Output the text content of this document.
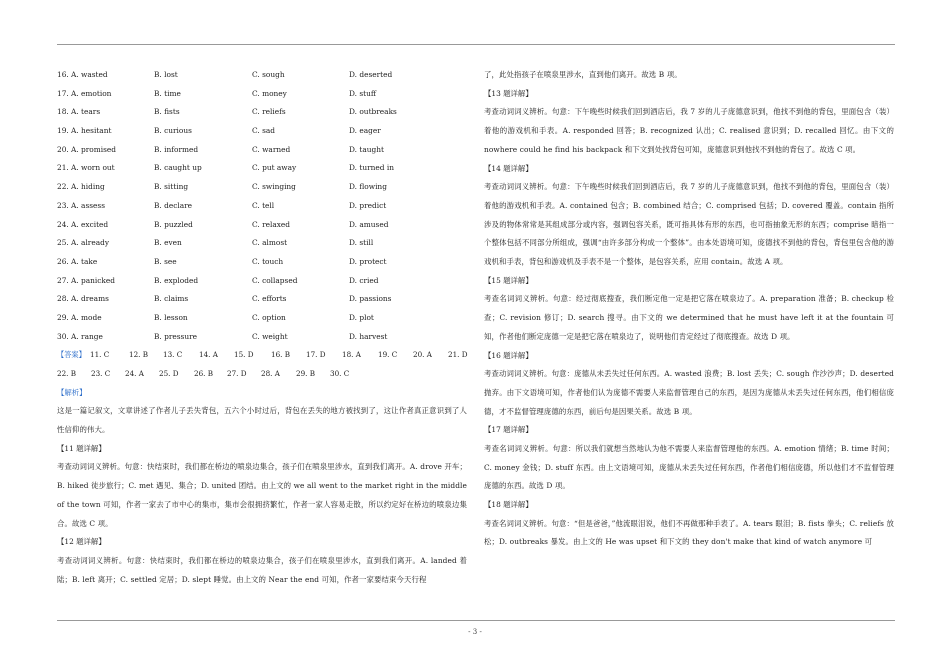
16. A. wasted	B. lost	C. sough	D. deserted
17. A. emotion	B. time	C. money	D. stuff
18. A. tears	B. fists	C. reliefs	D. outbreaks
19. A. hesitant	B. curious	C. sad	D. eager
20. A. promised	B. informed	C. warned	D. taught
21. A. worn out	B. caught up	C. put away	D. turned in
22. A. hiding	B. sitting	C. swinging	D. flowing
23. A. assess	B. declare	C. tell	D. predict
24. A. excited	B. puzzled	C. relaxed	D. amused
25. A. already	B. even	C. almost	D. still
26. A. take	B. see	C. touch	D. protect
27. A. panicked	B. exploded	C. collapsed	D. cried
28. A. dreams	B. claims	C. efforts	D. passions
29. A. mode	B. lesson	C. option	D. plot
30. A. range	B. pressure	C. weight	D. harvest
【答案】 11. C	12. B 13. C 14. A 15. D 16. B 17. D 18. A 19. C 20. A 21. D
22. B 23. C 24. A 25. D 26. B 27. D 28. A 29. B 30. C
【解析】

这是一篇记叙文，文章讲述了作者儿子丢失背包，五六个小时过后，背包在丢失的地方被找到了，这让作者真正意识到了人性信仰的伟大。

【11 题详解】
考查动词词义辨析。句意：快结束时，我们都在桥边的喷泉边集合，孩子们在喷泉里涉水，直到我们离开。A. drove 开车；B. hiked 徒步旅行；C. met 遇见、集合；D. united 团结。由上文的 we all went to the market right in the middle of the town 可知，作者一家去了市中心的集市，集市会很拥挤繁忙，作者一家人容易走散，所以约定好在桥边的喷泉边集合。故选 C 项。
【12 题详解】
考查动词词义辨析。句意：快结束时，我们都在桥边的喷泉边集合，孩子们在喷泉里涉水，直到我们离开。A. landed 着陆；B. left 离开；C. settled 定居；D. slept 睡觉。由上文的 Near the end 可知，作者一家要结束今天行程

了，此处指孩子在喷泉里涉水，直到他们离开。故选 B 项。

【13 题详解】
考查动词词义辨析。句意：下午晚些时候我们回到酒店后，我 7 岁的儿子庞德意识到，他找不到他的背包，里面包含（装）着他的游戏机和手表。A. responded 回答；B. recognized 认出；C. realised 意识到；D. recalled 回忆。由下文的 nowhere could he find his backpack 和下文到处找背包可知，庞德意识到他找不到他的背包了。故选 C 项。
【14 题详解】
考查动词词义辨析。句意：下午晚些时候我们回到酒店后，我 7 岁的儿子庞德意识到，他找不到他的背包，里面包含（装）着他的游戏机和手表。A. contained 包含；B. combined 结合；C. comprised 包括；D. covered 覆盖。contain 指所涉及的物体常常是其组成部分或内容，强调包容关系，既可指具体有形的东西，也可指抽象无形的东西；comprise 暗指一个整体包括不同部分所组成，强调“由许多部分构成一个整体”。由本处语境可知，庞德找不到他的背包，背包里包含他的游戏机和手表，背包和游戏机及手表不是一个整体，是包容关系，应用 contain。故选 A 项。
【15 题详解】
考查名词词义辨析。句意：经过彻底搜查，我们断定他一定是把它落在喷泉边了。A. preparation 准备；B. checkup 检查；C. revision 修订；D. search 搜寻。由下文的 we determined that he must have left it at the fountain 可知，作者他们断定庞德一定是把它落在喷泉边了，说明他们肯定经过了彻底搜查。故选 D 项。
【16 题详解】
考查动词词义辨析。句意：庞德从未丢失过任何东西。A. wasted 浪费；B. lost 丢失；C. sough 作沙沙声；D. deserted 抛弃。由下文语境可知，作者他们认为庞德不需要人来监督管理自己的东西，是因为庞德从未丢失过任何东西，他们相信庞德，才不监督管理庞德的东西，前后句是因果关系。故选 B 项。
【17 题详解】
考查名词词义辨析。句意：所以我们就想当然地认为他不需要人来监督管理他的东西。A. emotion 情绪；B. time 时间；C. money 金钱；D. stuff 东西。由上文语境可知，庞德从未丢失过任何东西，作者他们相信庞德，所以他们才不监督管理庞德的东西。故选 D 项。
【18 题详解】
考查名词词义辨析。句意：“但是爸爸，”他流眼泪说，他们不再做那种手表了。A. tears 眼泪；B. fists 拳头；C. reliefs 放松；D. outbreaks 暴发。由上文的 He was upset 和下文的 they don't make that kind of watch anymore 可
- 3 -
